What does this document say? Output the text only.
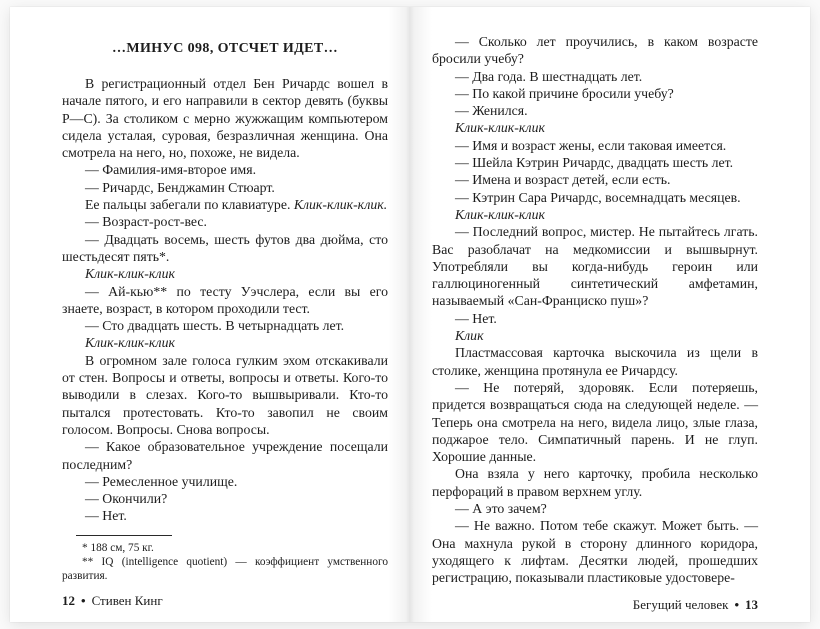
…МИНУС 098, ОТСЧЕТ ИДЕТ…

В регистрационный отдел Бен Ричардс вошел в начале пятого, и его направили в сектор девять (буквы Р—С). За столиком с мерно жужжащим компьютером сидела усталая, суровая, безразличная женщина. Она смотрела на него, но, похоже, не видела.

— Фамилия-имя-второе имя.

— Ричардс, Бенджамин Стюарт.

Ее пальцы забегали по клавиатуре. Клик-клик-клик.

— Возраст-рост-вес.

— Двадцать восемь, шесть футов два дюйма, сто шестьдесят пять*.

Клик-клик-клик

— Ай-кью** по тесту Уэчслера, если вы его знаете, возраст, в котором проходили тест.

— Сто двадцать шесть. В четырнадцать лет.

Клик-клик-клик

В огромном зале голоса гулким эхом отскакивали от стен. Вопросы и ответы, вопросы и ответы. Кого-то выводили в слезах. Кого-то вышвыривали. Кто-то пытался протестовать. Кто-то завопил не своим голосом. Вопросы. Снова вопросы.

— Какое образовательное учреждение посещали последним?

— Ремесленное училище.

— Окончили?

— Нет.

* 188 см, 75 кг.

** IQ (intelligence quotient) — коэффициент умственного развития.

12 • Стивен Кинг

— Сколько лет проучились, в каком возрасте бросили учебу?

— Два года. В шестнадцать лет.

— По какой причине бросили учебу?

— Женился.

Клик-клик-клик

— Имя и возраст жены, если таковая имеется.

— Шейла Кэтрин Ричардс, двадцать шесть лет.

— Имена и возраст детей, если есть.

— Кэтрин Сара Ричардс, восемнадцать месяцев.

Клик-клик-клик

— Последний вопрос, мистер. Не пытайтесь лгать. Вас разоблачат на медкомиссии и вышвырнут. Употребляли вы когда-нибудь героин или галлюциногенный синтетический амфетамин, называемый «Сан-Франциско пуш»?

— Нет.

Клик

Пластмассовая карточка выскочила из щели в столике, женщина протянула ее Ричардсу.

— Не потеряй, здоровяк. Если потеряешь, придется возвращаться сюда на следующей неделе. — Теперь она смотрела на него, видела лицо, злые глаза, поджарое тело. Симпатичный парень. И не глуп. Хорошие данные.

Она взяла у него карточку, пробила несколько перфораций в правом верхнем углу.

— А это зачем?

— Не важно. Потом тебе скажут. Может быть. — Она махнула рукой в сторону длинного коридора, уходящего к лифтам. Десятки людей, прошедших регистрацию, показывали пластиковые удостовере-

Бегущий человек • 13
